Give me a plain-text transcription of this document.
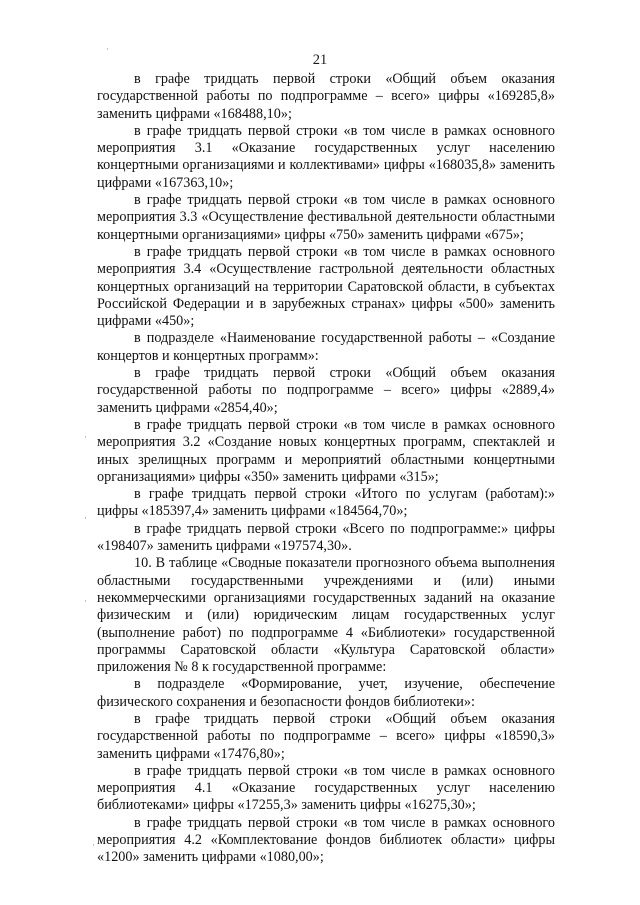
21
·
·
·
·
·

в графе тридцать первой строки «Общий объем оказания государственной работы по подпрограмме – всего» цифры «169285,8» заменить цифрами «168488,10»;

в графе тридцать первой строки «в том числе в рамках основного мероприятия 3.1 «Оказание государственных услуг населению концертными организациями и коллективами» цифры «168035,8» заменить цифрами «167363,10»;

в графе тридцать первой строки «в том числе в рамках основного мероприятия 3.3 «Осуществление фестивальной деятельности областными концертными организациями» цифры «750» заменить цифрами «675»;

в графе тридцать первой строки «в том числе в рамках основного мероприятия 3.4 «Осуществление гастрольной деятельности областных концертных организаций на территории Саратовской области, в субъектах Российской Федерации и в зарубежных странах» цифры «500» заменить цифрами «450»;

в подразделе «Наименование государственной работы – «Создание концертов и концертных программ»:

в графе тридцать первой строки «Общий объем оказания государственной работы по подпрограмме – всего» цифры «2889,4» заменить цифрами «2854,40»;

в графе тридцать первой строки «в том числе в рамках основного мероприятия 3.2 «Создание новых концертных программ, спектаклей и иных зрелищных программ и мероприятий областными концертными организациями» цифры «350» заменить цифрами «315»;

в графе тридцать первой строки «Итого по услугам (работам):» цифры «185397,4» заменить цифрами «184564,70»;

в графе тридцать первой строки «Всего по подпрограмме:» цифры «198407» заменить цифрами «197574,30».

10. В таблице «Сводные показатели прогнозного объема выполнения областными государственными учреждениями и (или) иными некоммерческими организациями государственных заданий на оказание физическим и (или) юридическим лицам государственных услуг (выполнение работ) по подпрограмме 4 «Библиотеки» государственной программы Саратовской области «Культура Саратовской области» приложения № 8 к государственной программе:

в подразделе «Формирование, учет, изучение, обеспечение физического сохранения и безопасности фондов библиотеки»:

в графе тридцать первой строки «Общий объем оказания государственной работы по подпрограмме – всего» цифры «18590,3» заменить цифрами «17476,80»;

в графе тридцать первой строки «в том числе в рамках основного мероприятия 4.1 «Оказание государственных услуг населению библиотеками» цифры «17255,3» заменить цифры «16275,30»;

в графе тридцать первой строки «в том числе в рамках основного мероприятия 4.2 «Комплектование фондов библиотек области» цифры «1200» заменить цифрами «1080,00»;
